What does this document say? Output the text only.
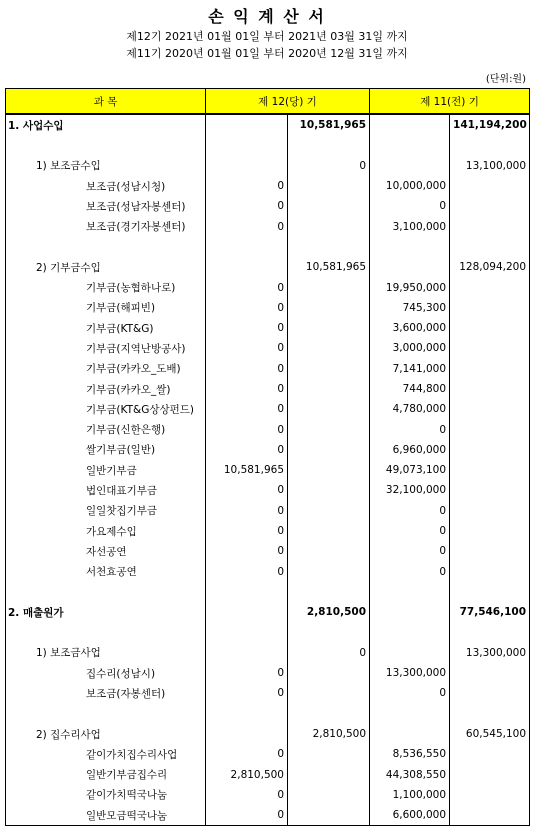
손 익 계 산 서
제12기 2021년 01월 01일 부터 2021년 03월 31일 까지
제11기 2020년 01월 01일 부터 2020년 12월 31일 까지
(단위:원)
과 목	제 12(당) 기		제 11(전) 기	
1. 사업수입		10,581,965		141,194,200

1) 보조금수입		0		13,100,000
보조금(성남시청)	0		10,000,000	
보조금(성남자봉센터)	0		0	
보조금(경기자봉센터)	0		3,100,000	

2) 기부금수입		10,581,965		128,094,200
기부금(농협하나로)	0		19,950,000	
기부금(해피빈)	0		745,300	
기부금(KT&G)	0		3,600,000	
기부금(지역난방공사)	0		3,000,000	
기부금(카카오_도배)	0		7,141,000	
기부금(카카오_쌀)	0		744,800	
기부금(KT&G상상펀드)	0		4,780,000	
기부금(신한은행)	0		0	
쌀기부금(일반)	0		6,960,000	
일반기부금	10,581,965		49,073,100	
법인대표기부금	0		32,100,000	
일일찻집기부금	0		0	
가요제수입	0		0	
자선공연	0		0	
서천효공연	0		0	

2. 매출원가		2,810,500		77,546,100

1) 보조금사업		0		13,300,000
집수리(성남시)	0		13,300,000	
보조금(자봉센터)	0		0	

2) 집수리사업		2,810,500		60,545,100
같이가치집수리사업	0		8,536,550	
일반기부금집수리	2,810,500		44,308,550	
같이가치떡국나눔	0		1,100,000	
일반모금떡국나눔	0		6,600,000	
